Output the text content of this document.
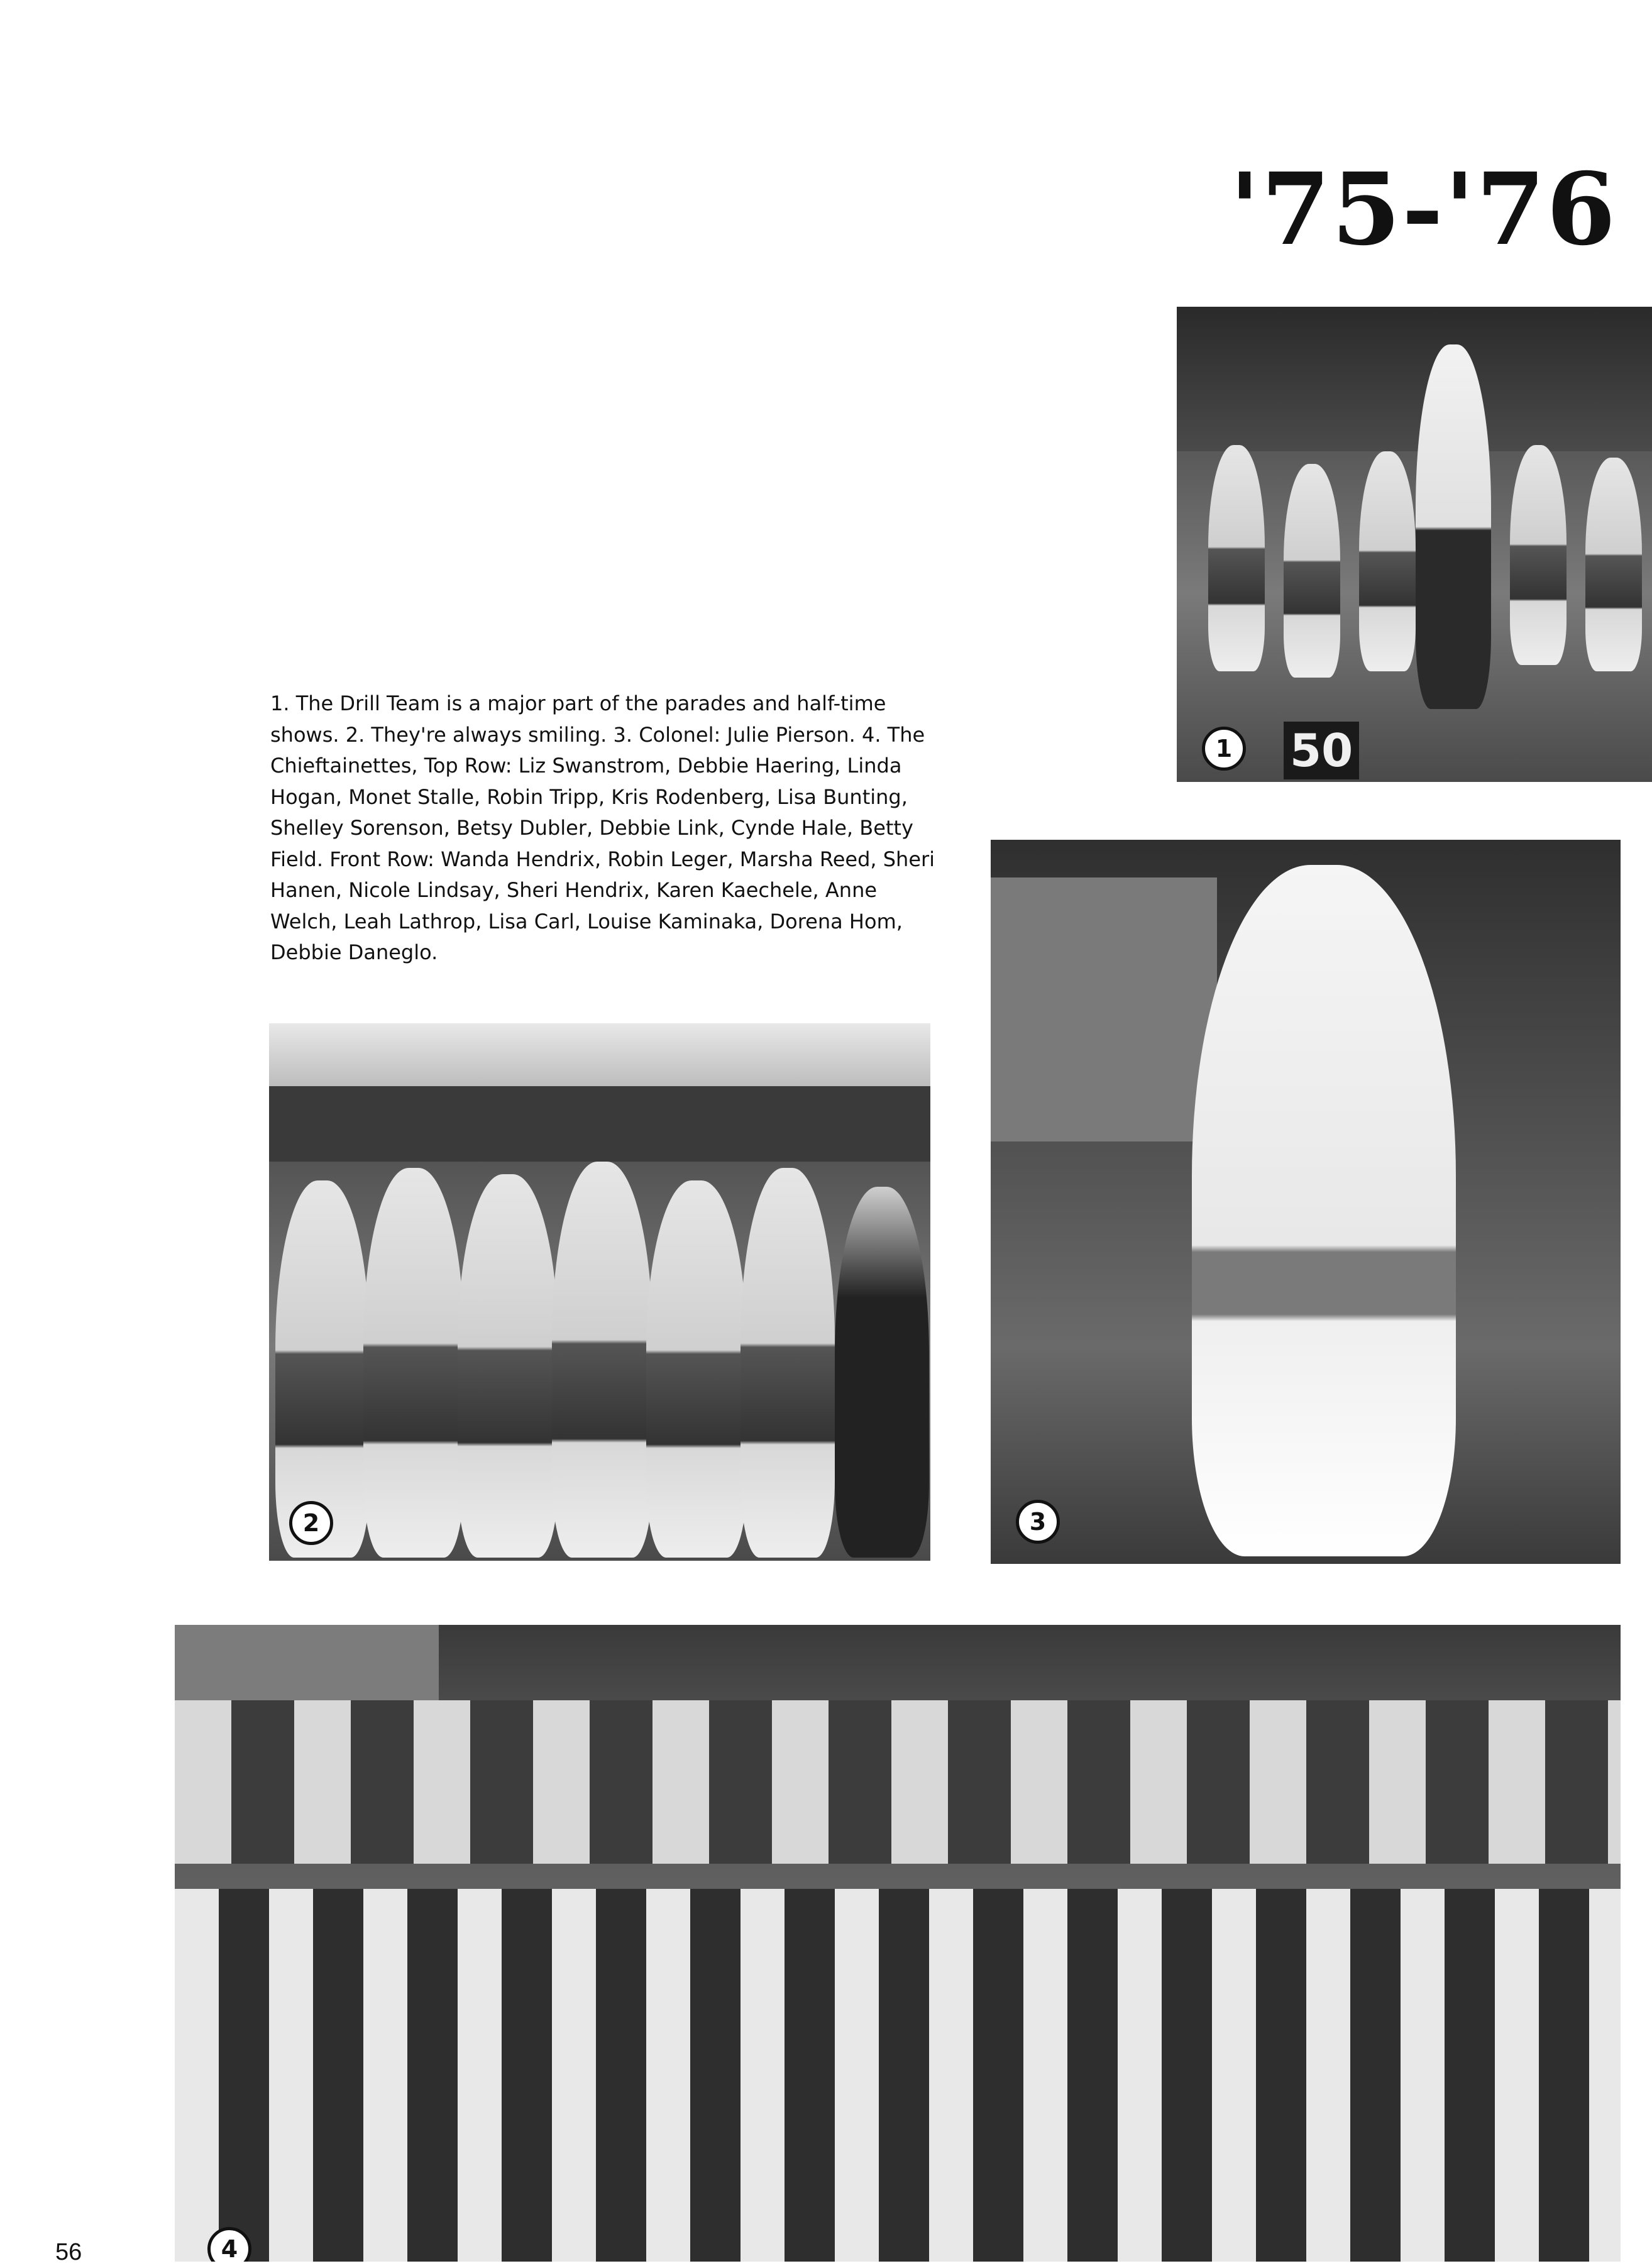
'75-'76

1. The Drill Team is a major part of the parades and half-time shows. 2. They're always smiling. 3. Colonel: Julie Pierson. 4. The Chieftainettes, Top Row: Liz Swanstrom, Debbie Haering, Linda Hogan, Monet Stalle, Robin Tripp, Kris Rodenberg, Lisa Bunting, Shelley Sorenson, Betsy Dubler, Debbie Link, Cynde Hale, Betty Field. Front Row: Wanda Hendrix, Robin Leger, Marsha Reed, Sheri Hanen, Nicole Lindsay, Sheri Hendrix, Karen Kaechele, Anne Welch, Leah Lathrop, Lisa Carl, Louise Kaminaka, Dorena Hom, Debbie Daneglo.

50
1
2	3
4
56
